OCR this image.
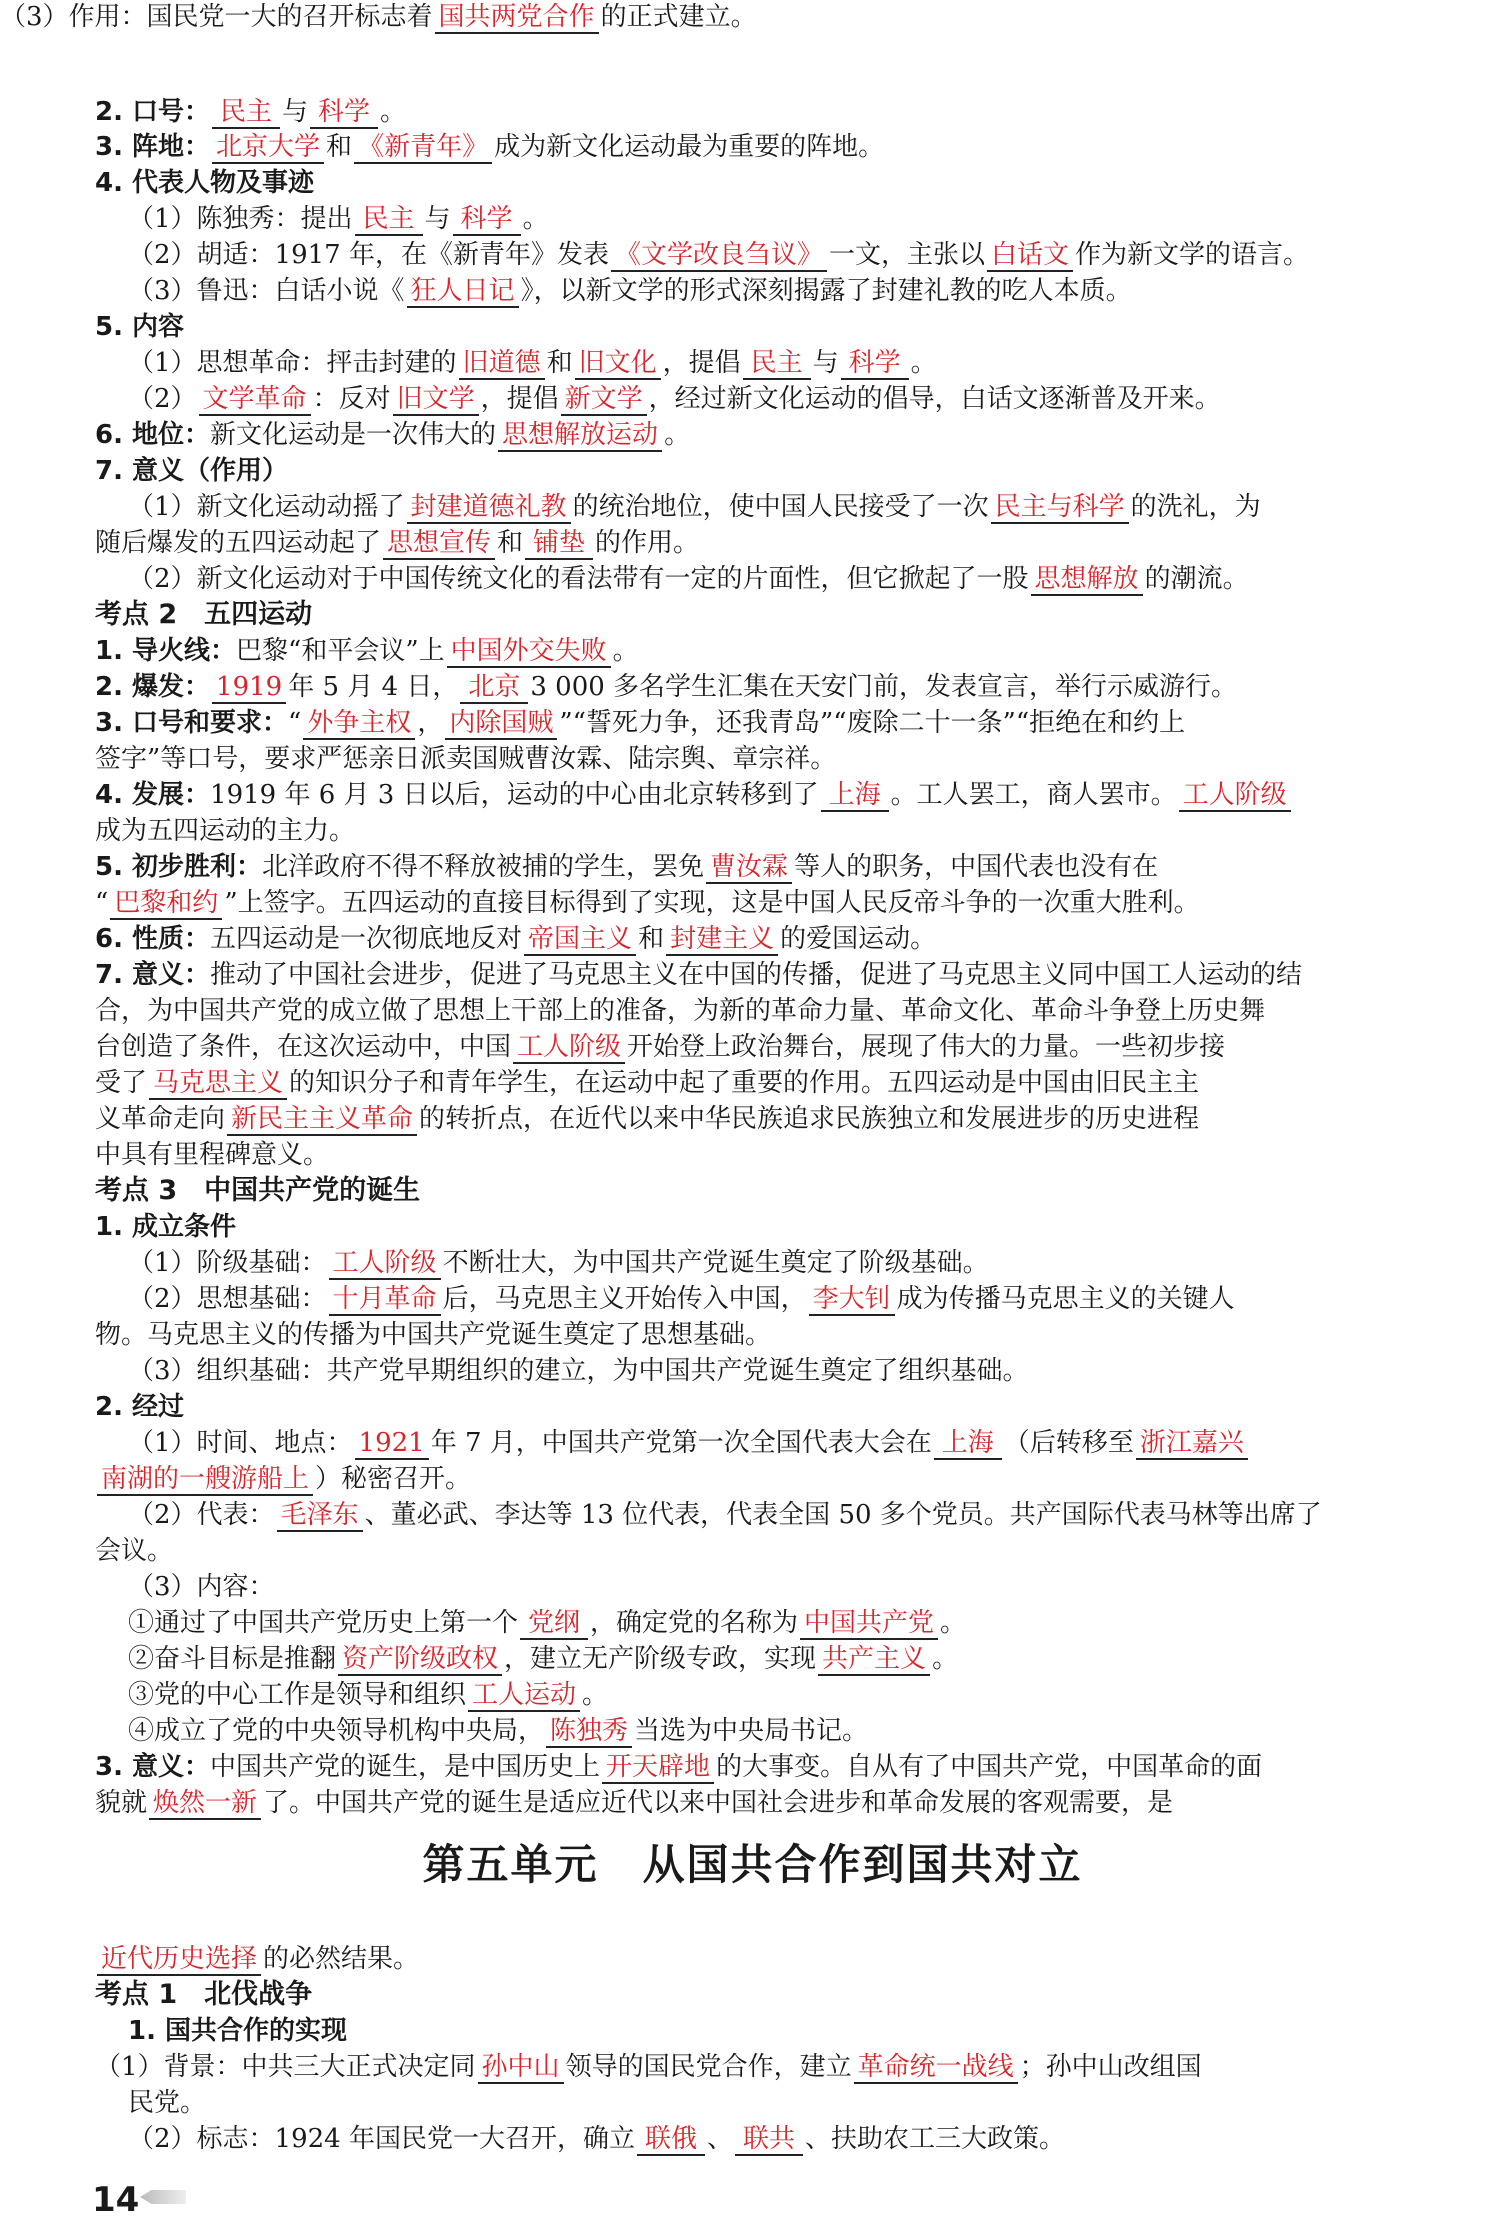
第五单元　从国共合作到国共对立
14
2. 口号： 民主 与 科学 。
3. 阵地： 北京大学 和 《新青年》 成为新文化运动最为重要的阵地。
4. 代表人物及事迹
（1）陈独秀：提出 民主 与 科学 。
（2）胡适：1917 年，在《新青年》发表 《文学改良刍议》 一文，主张以 白话文 作为新文学的语言。
（3）鲁迅：白话小说《 狂人日记 》，以新文学的形式深刻揭露了封建礼教的吃人本质。
5. 内容
（1）思想革命：抨击封建的 旧道德 和 旧文化 ，提倡 民主 与 科学 。
（2） 文学革命 ：反对 旧文学 ，提倡 新文学 ，经过新文化运动的倡导，白话文逐渐普及开来。
6. 地位：新文化运动是一次伟大的 思想解放运动 。
7. 意义（作用）
（1）新文化运动动摇了 封建道德礼教 的统治地位，使中国人民接受了一次 民主与科学 的洗礼，为
随后爆发的五四运动起了 思想宣传 和 铺垫 的作用。
（2）新文化运动对于中国传统文化的看法带有一定的片面性，但它掀起了一股 思想解放 的潮流。
考点 2　五四运动
1. 导火线：巴黎“和平会议”上 中国外交失败 。
2. 爆发： 1919 年 5 月 4 日， 北京 3 000 多名学生汇集在天安门前，发表宣言，举行示威游行。
3. 口号和要求：“ 外争主权 ， 内除国贼 ”“誓死力争，还我青岛”“废除二十一条”“拒绝在和约上
签字”等口号，要求严惩亲日派卖国贼曹汝霖、陆宗舆、章宗祥。
4. 发展：1919 年 6 月 3 日以后，运动的中心由北京转移到了 上海 。工人罢工，商人罢市。 工人阶级
成为五四运动的主力。
5. 初步胜利：北洋政府不得不释放被捕的学生，罢免 曹汝霖 等人的职务，中国代表也没有在
“ 巴黎和约 ”上签字。五四运动的直接目标得到了实现，这是中国人民反帝斗争的一次重大胜利。
6. 性质：五四运动是一次彻底地反对 帝国主义 和 封建主义 的爱国运动。
7. 意义：推动了中国社会进步，促进了马克思主义在中国的传播，促进了马克思主义同中国工人运动的结
合，为中国共产党的成立做了思想上干部上的准备，为新的革命力量、革命文化、革命斗争登上历史舞
台创造了条件，在这次运动中，中国 工人阶级 开始登上政治舞台，展现了伟大的力量。一些初步接
受了 马克思主义 的知识分子和青年学生，在运动中起了重要的作用。五四运动是中国由旧民主主
义革命走向 新民主主义革命 的转折点，在近代以来中华民族追求民族独立和发展进步的历史进程
中具有里程碑意义。
考点 3　中国共产党的诞生
1. 成立条件
（1）阶级基础： 工人阶级 不断壮大，为中国共产党诞生奠定了阶级基础。
（2）思想基础： 十月革命 后，马克思主义开始传入中国， 李大钊 成为传播马克思主义的关键人
物。马克思主义的传播为中国共产党诞生奠定了思想基础。
（3）组织基础：共产党早期组织的建立，为中国共产党诞生奠定了组织基础。
2. 经过
（1）时间、地点： 1921 年 7 月，中国共产党第一次全国代表大会在 上海 （后转移至 浙江嘉兴
南湖的一艘游船上 ）秘密召开。
（2）代表： 毛泽东 、董必武、李达等 13 位代表，代表全国 50 多个党员。共产国际代表马林等出席了
会议。
（3）内容：
①通过了中国共产党历史上第一个 党纲 ，确定党的名称为 中国共产党 。
②奋斗目标是推翻 资产阶级政权 ，建立无产阶级专政，实现 共产主义 。
③党的中心工作是领导和组织 工人运动 。
④成立了党的中央领导机构中央局， 陈独秀 当选为中央局书记。
3. 意义：中国共产党的诞生，是中国历史上 开天辟地 的大事变。自从有了中国共产党，中国革命的面
貌就 焕然一新 了。中国共产党的诞生是适应近代以来中国社会进步和革命发展的客观需要，是
近代历史选择 的必然结果。
考点 1　北伐战争
1. 国共合作的实现
（1）背景：中共三大正式决定同 孙中山 领导的国民党合作，建立 革命统一战线 ；孙中山改组国
民党。
（2）标志：1924 年国民党一大召开，确立 联俄 、 联共 、扶助农工三大政策。
（3）作用：国民党一大的召开标志着 国共两党合作 的正式建立。
